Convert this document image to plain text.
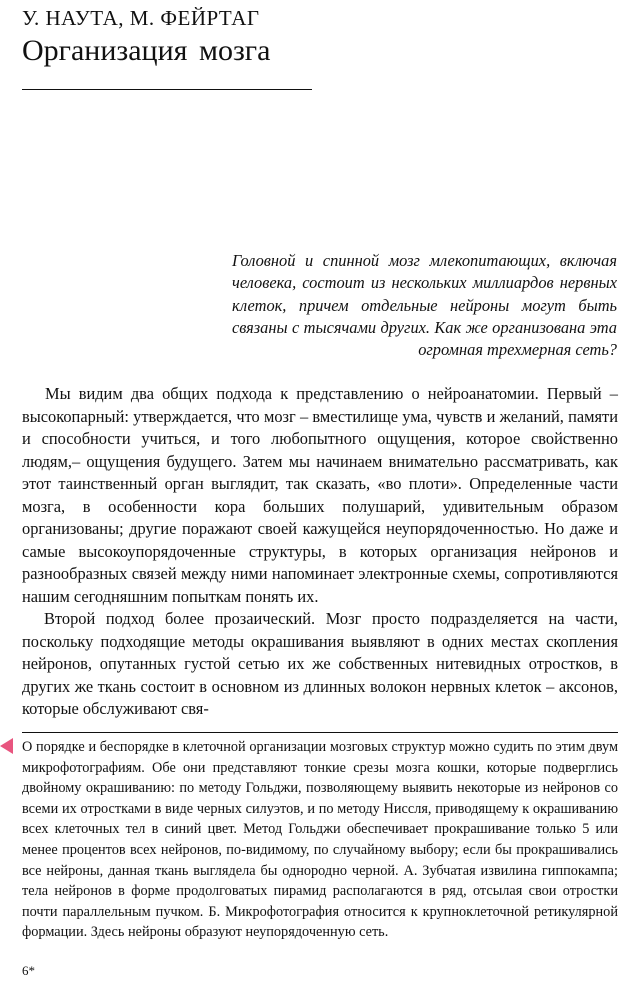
У. НАУТА, М. ФЕЙРТАГ
Организация мозга
Головной и спинной мозг млекопитающих, включая человека, состоит из нескольких миллиардов нервных клеток, причем отдельные нейроны могут быть связаны с тысячами других. Как же организована эта огромная трехмерная сеть?

Мы видим два общих подхода к представлению о нейроанатомии. Первый – высокопарный: утверждается, что мозг – вместилище ума, чувств и желаний, памяти и способности учиться, и того любопытного ощущения, которое свойственно людям,– ощущения будущего. Затем мы начинаем внимательно рассматривать, как этот таинственный орган выглядит, так сказать, «во плоти». Определенные части мозга, в особенности кора больших полушарий, удивительным образом организованы; другие поражают своей кажущейся неупорядоченностью. Но даже и самые высокоупорядоченные структуры, в которых организация нейронов и разнообразных связей между ними напоминает электронные схемы, сопротивляются нашим сегодняшним попыткам понять их.

Второй подход более прозаический. Мозг просто подразделяется на части, поскольку подходящие методы окрашивания выявляют в одних местах скопления нейронов, опутанных густой сетью их же собственных нитевидных отростков, в других же ткань состоит в основном из длинных волокон нервных клеток – аксонов, которые обслуживают свя-

О порядке и беспорядке в клеточной организации мозговых структур можно судить по этим двум микрофотографиям. Обе они представляют тонкие срезы мозга кошки, которые подверглись двойному окрашиванию: по методу Гольджи, позволяющему выявить некоторые из нейронов со всеми их отростками в виде черных силуэтов, и по методу Ниссля, приводящему к окрашиванию всех клеточных тел в синий цвет. Метод Гольджи обеспечивает прокрашивание только 5 или менее процентов всех нейронов, по-видимому, по случайному выбору; если бы прокрашивались все нейроны, данная ткань выглядела бы однородно черной. А. Зубчатая извилина гиппокампа; тела нейронов в форме продолговатых пирамид располагаются в ряд, отсылая свои отростки почти параллельным пучком. Б. Микрофотография относится к крупноклеточной ретикулярной формации. Здесь нейроны образуют неупорядоченную сеть.

6*
